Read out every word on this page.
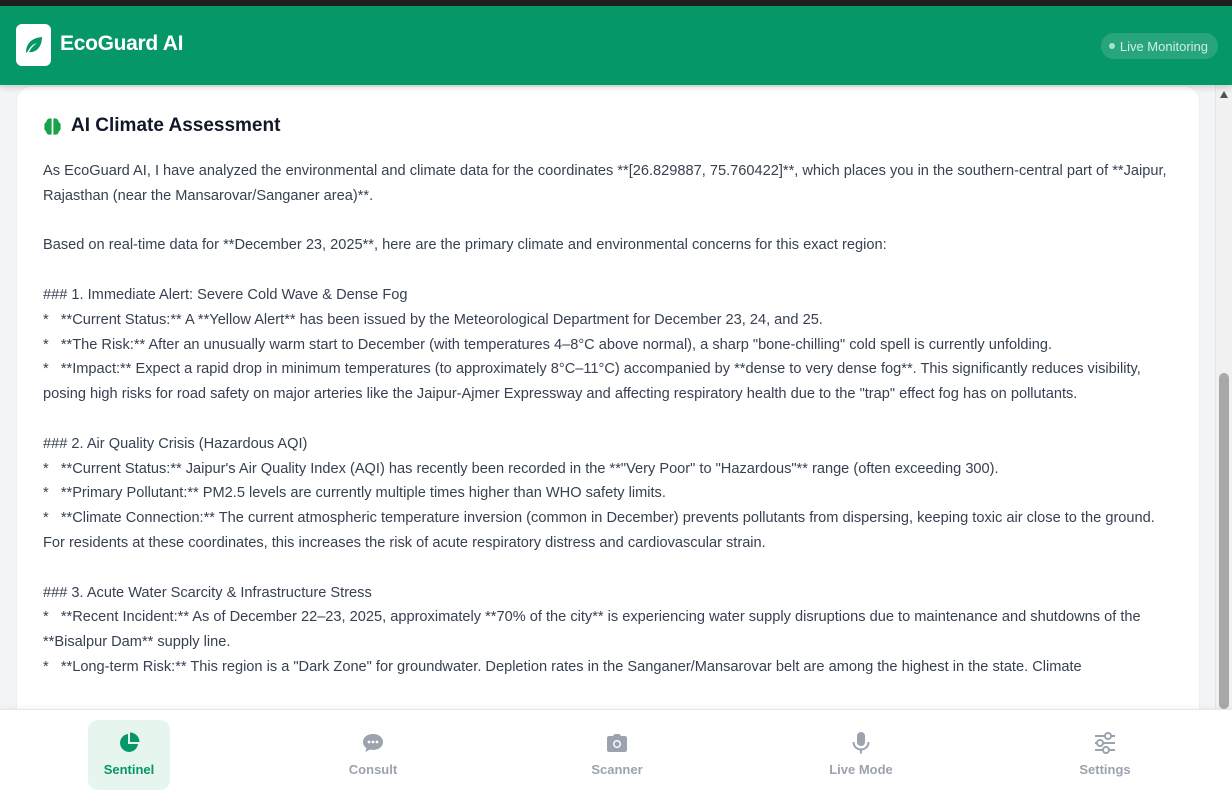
EcoGuard AI	Live Monitoring
AI Climate Assessment

As EcoGuard AI, I have analyzed the environmental and climate data for the coordinates **[26.829887, 75.760422]**, which places you in the southern-central part of **Jaipur, Rajasthan (near the Mansarovar/Sanganer area)**.

Based on real-time data for **December 23, 2025**, here are the primary climate and environmental concerns for this exact region:

### 1. Immediate Alert: Severe Cold Wave & Dense Fog

*   **Current Status:** A **Yellow Alert** has been issued by the Meteorological Department for December 23, 24, and 25.

*   **The Risk:** After an unusually warm start to December (with temperatures 4–8°C above normal), a sharp "bone-chilling" cold spell is currently unfolding.

*   **Impact:** Expect a rapid drop in minimum temperatures (to approximately 8°C–11°C) accompanied by **dense to very dense fog**. This significantly reduces visibility, posing high risks for road safety on major arteries like the Jaipur-Ajmer Expressway and affecting respiratory health due to the "trap" effect fog has on pollutants.

### 2. Air Quality Crisis (Hazardous AQI)

*   **Current Status:** Jaipur's Air Quality Index (AQI) has recently been recorded in the **"Very Poor" to "Hazardous"** range (often exceeding 300).

*   **Primary Pollutant:** PM2.5 levels are currently multiple times higher than WHO safety limits.

*   **Climate Connection:** The current atmospheric temperature inversion (common in December) prevents pollutants from dispersing, keeping toxic air close to the ground. For residents at these coordinates, this increases the risk of acute respiratory distress and cardiovascular strain.

### 3. Acute Water Scarcity & Infrastructure Stress

*   **Recent Incident:** As of December 22–23, 2025, approximately **70% of the city** is experiencing water supply disruptions due to maintenance and shutdowns of the **Bisalpur Dam** supply line.

*   **Long-term Risk:** This region is a "Dark Zone" for groundwater. Depletion rates in the Sanganer/Mansarovar belt are among the highest in the state. Climate

Sentinel	Consult	Scanner	Live Mode	Settings
